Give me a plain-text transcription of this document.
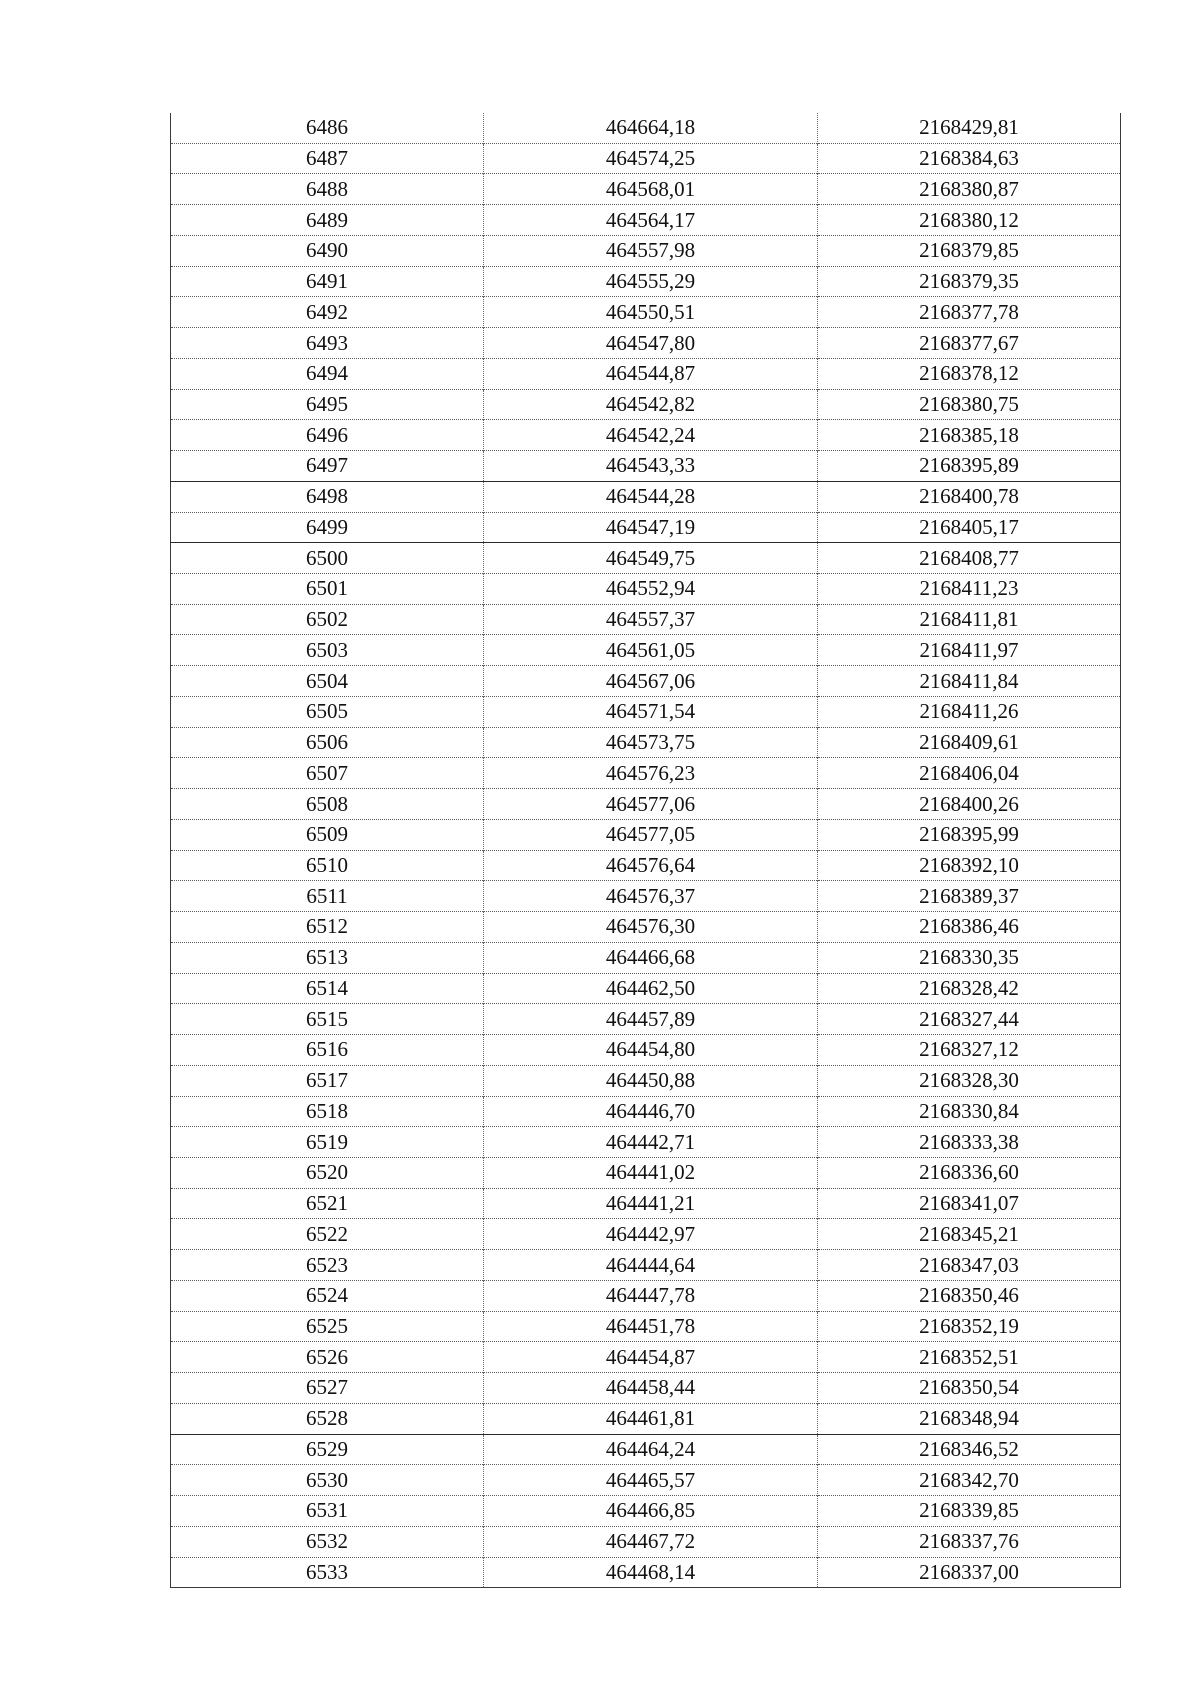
6486	464664,18	2168429,81
6487	464574,25	2168384,63
6488	464568,01	2168380,87
6489	464564,17	2168380,12
6490	464557,98	2168379,85
6491	464555,29	2168379,35
6492	464550,51	2168377,78
6493	464547,80	2168377,67
6494	464544,87	2168378,12
6495	464542,82	2168380,75
6496	464542,24	2168385,18
6497	464543,33	2168395,89
6498	464544,28	2168400,78
6499	464547,19	2168405,17
6500	464549,75	2168408,77
6501	464552,94	2168411,23
6502	464557,37	2168411,81
6503	464561,05	2168411,97
6504	464567,06	2168411,84
6505	464571,54	2168411,26
6506	464573,75	2168409,61
6507	464576,23	2168406,04
6508	464577,06	2168400,26
6509	464577,05	2168395,99
6510	464576,64	2168392,10
6511	464576,37	2168389,37
6512	464576,30	2168386,46
6513	464466,68	2168330,35
6514	464462,50	2168328,42
6515	464457,89	2168327,44
6516	464454,80	2168327,12
6517	464450,88	2168328,30
6518	464446,70	2168330,84
6519	464442,71	2168333,38
6520	464441,02	2168336,60
6521	464441,21	2168341,07
6522	464442,97	2168345,21
6523	464444,64	2168347,03
6524	464447,78	2168350,46
6525	464451,78	2168352,19
6526	464454,87	2168352,51
6527	464458,44	2168350,54
6528	464461,81	2168348,94
6529	464464,24	2168346,52
6530	464465,57	2168342,70
6531	464466,85	2168339,85
6532	464467,72	2168337,76
6533	464468,14	2168337,00
